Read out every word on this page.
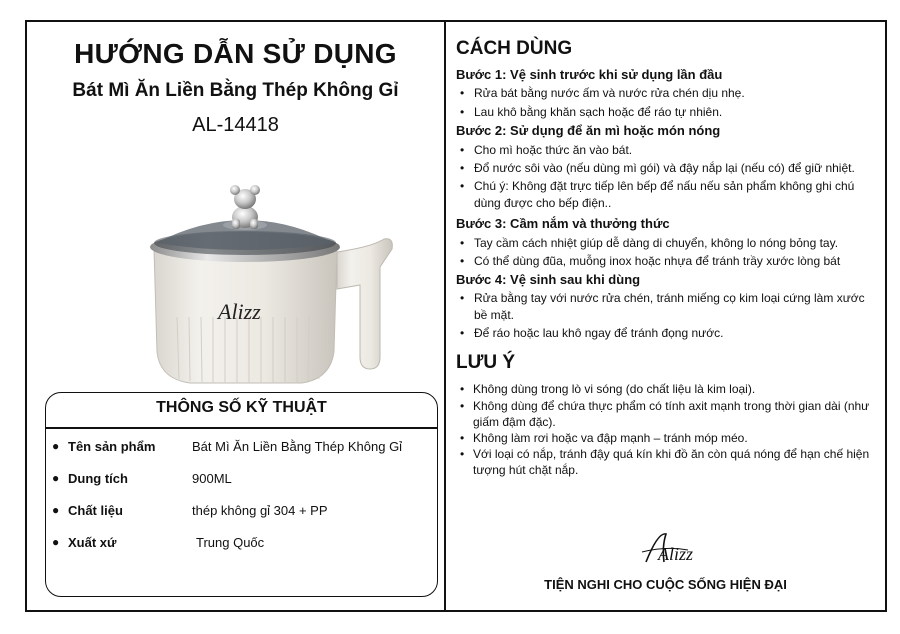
HƯỚNG DẪN SỬ DỤNG
Bát Mì Ăn Liền Bằng Thép Không Gỉ
AL-14418
Alizz
THÔNG SỐ KỸ THUẬT
● Tên sản phẩm	Bát Mì Ăn Liền Bằng Thép Không Gỉ
● Dung tích	900ML
● Chất liệu	thép không gỉ 304 + PP
● Xuất xứ	Trung Quốc
CÁCH DÙNG
Bước 1: Vệ sinh trước khi sử dụng lần đầu
• Rửa bát bằng nước ấm và nước rửa chén dịu nhẹ.
• Lau khô bằng khăn sạch hoặc để ráo tự nhiên.
Bước 2: Sử dụng để ăn mì hoặc món nóng
• Cho mì hoặc thức ăn vào bát.
• Đổ nước sôi vào (nếu dùng mì gói) và đậy nắp lại (nếu có) để giữ nhiệt.
• Chú ý: Không đặt trực tiếp lên bếp để nấu nếu sản phẩm không ghi chú dùng được cho bếp điện..
Bước 3: Cầm nắm và thưởng thức
• Tay cầm cách nhiệt giúp dễ dàng di chuyển, không lo nóng bỏng tay.
• Có thể dùng đũa, muỗng inox hoặc nhựa để tránh trầy xước lòng bát
Bước 4: Vệ sinh sau khi dùng
• Rửa bằng tay với nước rửa chén, tránh miếng cọ kim loại cứng làm xước bề mặt.
• Để ráo hoặc lau khô ngay để tránh đọng nước.
LƯU Ý
• Không dùng trong lò vi sóng (do chất liệu là kim loại).
• Không dùng để chứa thực phẩm có tính axit mạnh trong thời gian dài (như giấm đậm đặc).
• Không làm rơi hoặc va đập mạnh – tránh móp méo.
• Với loại có nắp, tránh đậy quá kín khi đồ ăn còn quá nóng để hạn chế hiện tượng hút chặt nắp.
Alizz
TIỆN NGHI CHO CUỘC SỐNG HIỆN ĐẠI
